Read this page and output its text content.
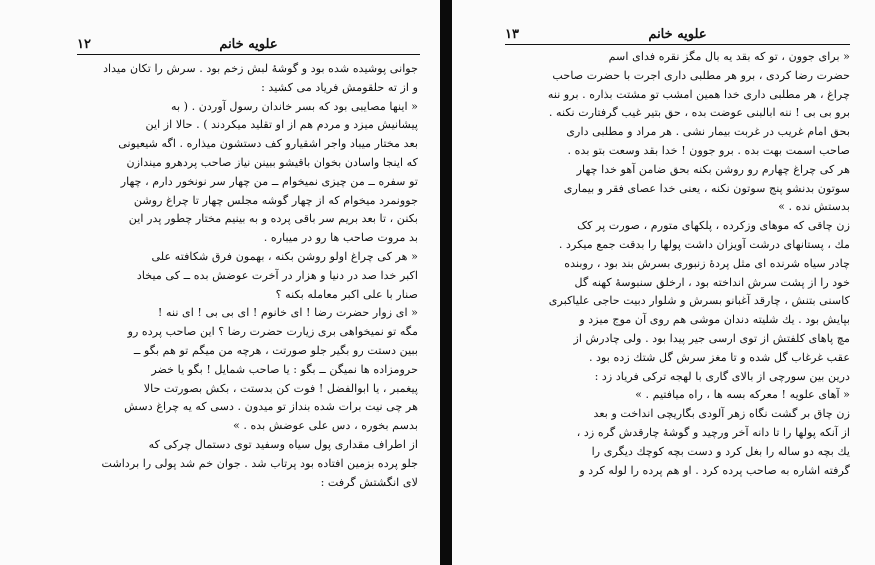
١٢	علویه خانم
جوانی پوشیده شده بود و گوشهٔ لبش زخم بود . سرش را تکان میداد
و از ته حلقومش فریاد می کشید :
« اینها مصایبی بود که بسر خاندان رسول آوردن . ( به
پیشانیش میزد و مردم هم از او تقلید میکردند ) . حالا از این
بعد مختار میباد واجر اشقیارو کف دستشون میذاره . اگه شیعیونی
که اینجا واسادن بخوان باقیشو ببینن نیاز صاحب پردهرو میندازن
تو سفره ــ من چیزی نمیخوام ــ من چهار سر نونخور دارم ، چهار
جوونمرد میخوام که از چهار گوشه مجلس چهار تا چراغ روشن
بکنن ، تا بعد بریم سر باقی پرده و به بینیم مختار چطور پدر این
بد مروت صاحب ها رو در میباره .
« هر کی چراغ اولو روشن بکنه ، بهمون فرق شکافته علی
اکبر خدا صد در دنیا و هزار در آخرت عوضش بده ــ کی میخاد
صنار با علی اکبر معامله بکنه ؟
« ای زوار حضرت رضا ! ای خانوم ! ای بی بی ! ای ننه !
مگه تو نمیخواهی بری زیارت حضرت رضا ؟ این صاحب پرده رو
ببین دستت رو بگیر جلو صورتت ، هرچه من میگم تو هم بگو ــ
حرومزاده ها نمیگن ــ بگو : یا صاحب شمایل ! بگو یا خضر
پیغمبر ، یا ابوالفضل ! فوت کن بدستت ، بکش بصورتت حالا
هر چی نیت برات شده بنداز تو میدون . دسی که یه چراغ دسش
بدسم بخوره ، دس علی عوضش بده . »
از اطراف مقداری پول سیاه وسفید توی دستمال چرکی که
جلو پرده بزمین افتاده بود پرتاب شد . جوان خم شد پولی را برداشت
لای انگشتش گرفت :
١٣	علویه خانم
« برای جوون ، تو که بقد یه بال مگز نقره فدای اسم
حضرت رضا کردی ، برو هر مطلبی داری اجرت با حضرت صاحب
چراغ ، هر مطلبی داری خدا همین امشب تو مشتت بذاره . برو ننه
برو بی بی ! ننه ابالبنی عوضت بده ، حق بتیر غیب گرفتارت نکنه .
بحق امام غریب در غربت بیمار نشی . هر مراد و مطلبی داری
صاحب اسمت بهت بده . برو جوون ! خدا بقد وسعت بتو بده .
هر کی چراغ چهارم رو روشن بکنه بحق ضامن آهو خدا چهار
سوتون بدنشو پنج سوتون نکنه ، یعنی خدا عصای فقر و بیماری
بدستش نده . »
زن چاقی که موهای وزکرده ، پلکهای متورم ، صورت پر کک
مك ، پستانهای درشت آویزان داشت پولها را بدقت جمع میکرد .
چادر سیاه شرنده ای مثل پردهٔ زنبوری بسرش بند بود ، روبنده
خود را از پشت سرش انداخته بود ، ارخلق سنبوسهٔ کهنه گل
کاسنی بتنش ، چارقد آغبانو بسرش و شلوار دبیت حاجی علیاکبری
بپایش بود . یك شلیته دندان موشی هم روی آن موج میزد و
مچ پاهای کلفتش از توی ارسی جیر پیدا بود . ولی چادرش از
عقب غرغاب گل شده و تا مغز سرش گل شتك زده بود .
درین بین سورچی از بالای گاری با لهجه ترکی فریاد زد :
« آهای علویه ! معرکه بسه ها ، راه میافتیم . »
زن چاق بر گشت نگاه زهر آلودی بگاریچی انداخت و بعد
از آنکه پولها را تا دانه آخر ورچید و گوشهٔ چارقدش گره زد ،
یك بچه دو ساله را بغل کرد و دست بچه کوچك دیگری را
گرفته اشاره به صاحب پرده کرد . او هم پرده را لوله کرد و
